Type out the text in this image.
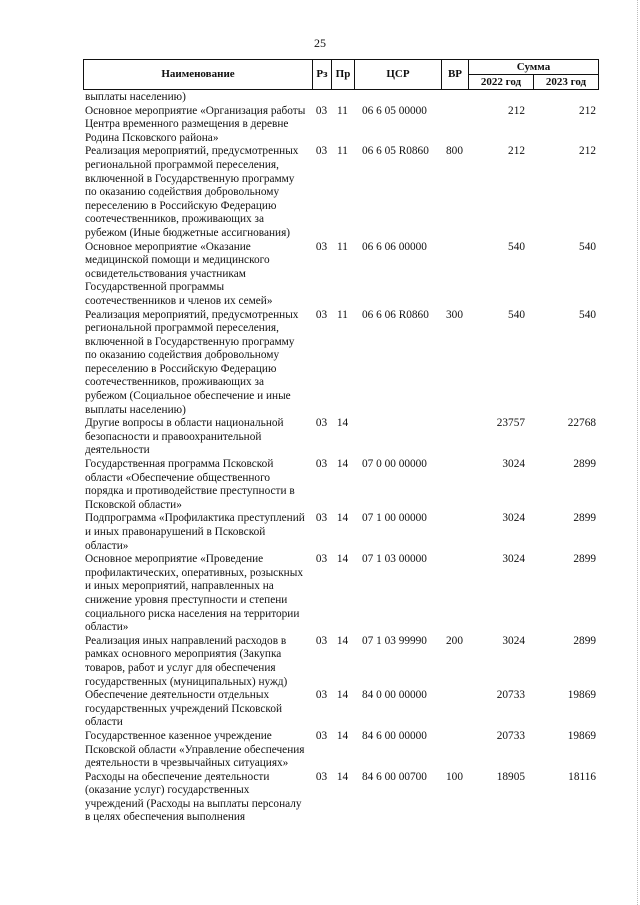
25
Наименование	Рз	Пр	ЦСР	ВР	Сумма	
					2022 год	2023 год
выплаты населению)						
Основное мероприятие «Организация работы Центра временного размещения в деревне Родина Псковского района»	03	11	06 6 05 00000		212	212
Реализация мероприятий, предусмотренных региональной программой переселения, включенной в Государственную программу по оказанию содействия добровольному переселению в Российскую Федерацию соотечественников, проживающих за рубежом (Иные бюджетные ассигнования)	03	11	06 6 05 R0860	800	212	212
Основное мероприятие «Оказание медицинской помощи и медицинского освидетельствования участникам Государственной программы соотечественников и членов их семей»	03	11	06 6 06 00000		540	540
Реализация мероприятий, предусмотренных региональной программой переселения, включенной в Государственную программу по оказанию содействия добровольному переселению в Российскую Федерацию соотечественников, проживающих за рубежом (Социальное обеспечение и иные выплаты населению)	03	11	06 6 06 R0860	300	540	540
Другие вопросы в области национальной безопасности и правоохранительной деятельности	03	14			23757	22768
Государственная программа Псковской области «Обеспечение общественного порядка и противодействие преступности в Псковской области»	03	14	07 0 00 00000		3024	2899
Подпрограмма «Профилактика преступлений и иных правонарушений в Псковской области»	03	14	07 1 00 00000		3024	2899
Основное мероприятие «Проведение профилактических, оперативных, розыскных и иных мероприятий, направленных на снижение уровня преступности и степени социального риска населения на территории области»	03	14	07 1 03 00000		3024	2899
Реализация иных направлений расходов в рамках основного мероприятия (Закупка товаров, работ и услуг для обеспечения государственных (муниципальных) нужд)	03	14	07 1 03 99990	200	3024	2899
Обеспечение деятельности отдельных государственных учреждений Псковской области	03	14	84 0 00 00000		20733	19869
Государственное казенное учреждение Псковской области «Управление обеспечения деятельности в чрезвычайных ситуациях»	03	14	84 6 00 00000		20733	19869
Расходы на обеспечение деятельности (оказание услуг) государственных учреждений (Расходы на выплаты персоналу в целях обеспечения выполнения	03	14	84 6 00 00700	100	18905	18116
